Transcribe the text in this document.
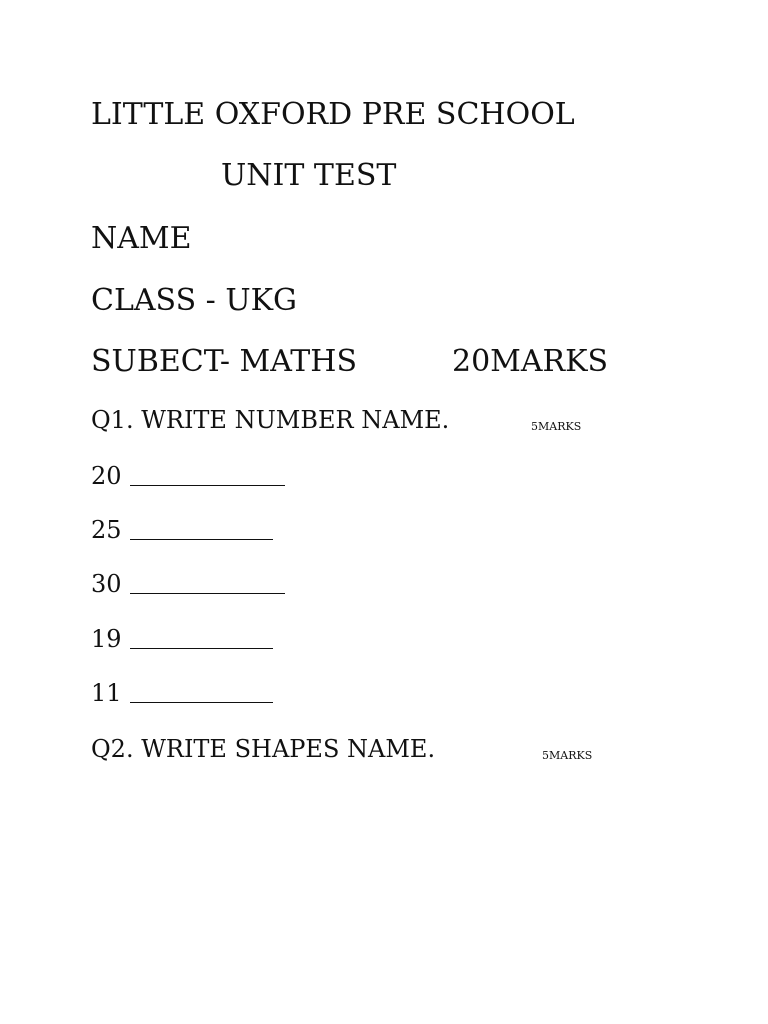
LITTLE OXFORD PRE SCHOOL
UNIT TEST
NAME
CLASS - UKG
SUBECT- MATHS	20MARKS
Q1. WRITE NUMBER NAME.	5MARKS
20
25
30
19
11
Q2. WRITE SHAPES NAME.	5MARKS
